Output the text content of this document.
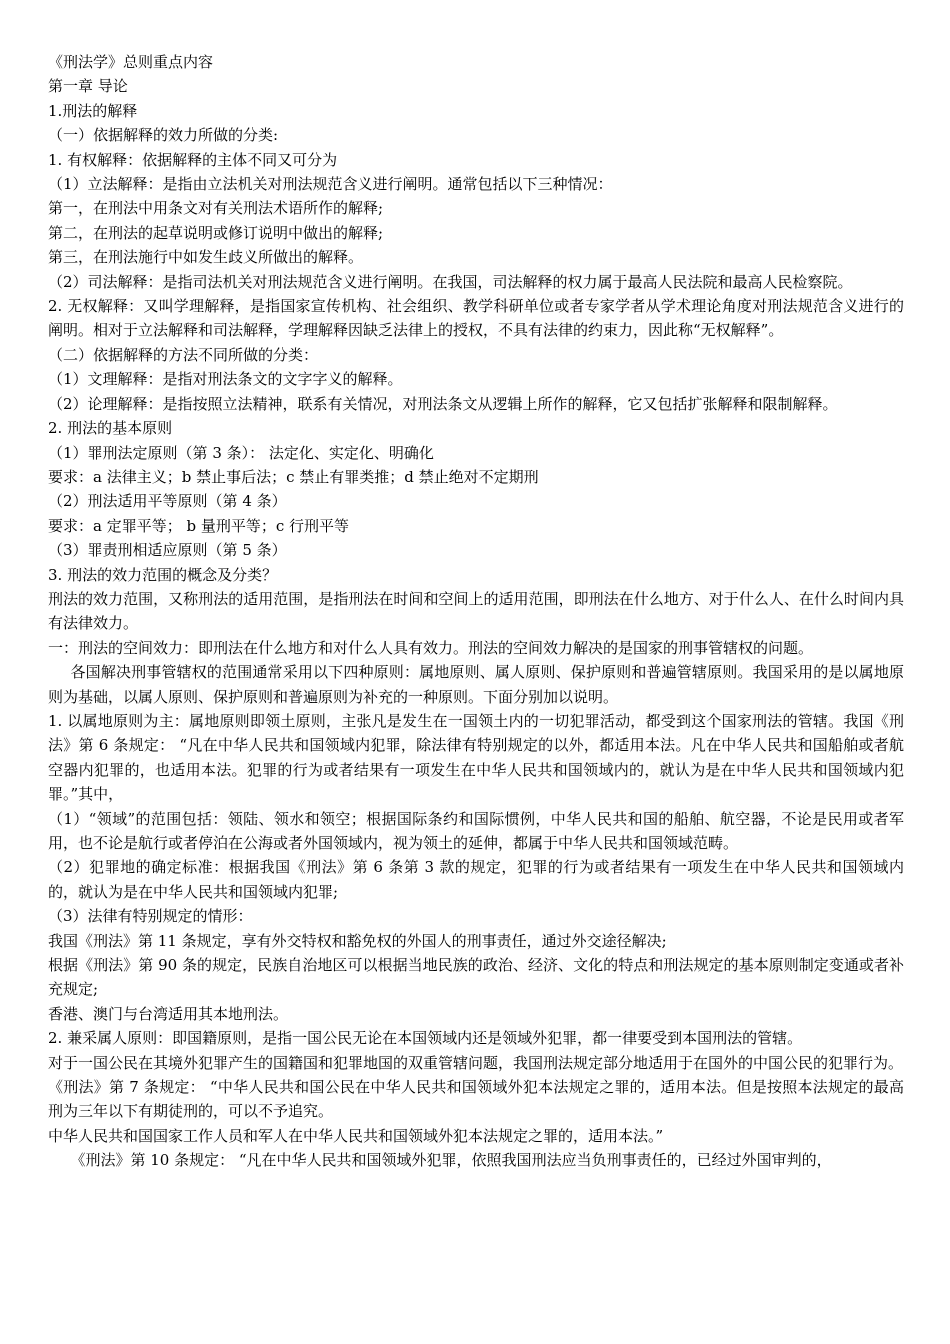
《刑法学》总则重点内容

第一章 导论

1.刑法的解释

（一）依据解释的效力所做的分类:

1. 有权解释：依据解释的主体不同又可分为

（1）立法解释：是指由立法机关对刑法规范含义进行阐明。通常包括以下三种情况：

第一，在刑法中用条文对有关刑法术语所作的解释;

第二，在刑法的起草说明或修订说明中做出的解释;

第三，在刑法施行中如发生歧义所做出的解释。

（2）司法解释：是指司法机关对刑法规范含义进行阐明。在我国，司法解释的权力属于最高人民法院和最高人民检察院。

2. 无权解释：又叫学理解释，是指国家宣传机构、社会组织、教学科研单位或者专家学者从学术理论角度对刑法规范含义进行的阐明。相对于立法解释和司法解释，学理解释因缺乏法律上的授权，不具有法律的约束力，因此称“无权解释”。

（二）依据解释的方法不同所做的分类：

（1）文理解释：是指对刑法条文的文字字义的解释。

（2）论理解释：是指按照立法精神，联系有关情况，对刑法条文从逻辑上所作的解释，它又包括扩张解释和限制解释。

2. 刑法的基本原则

（1）罪刑法定原则（第 3 条）： 法定化、实定化、明确化

要求：a 法律主义；b 禁止事后法；c 禁止有罪类推；d 禁止绝对不定期刑

（2）刑法适用平等原则（第 4 条）

要求：a 定罪平等； b 量刑平等；c 行刑平等

（3）罪责刑相适应原则（第 5 条）

3. 刑法的效力范围的概念及分类？

刑法的效力范围，又称刑法的适用范围，是指刑法在时间和空间上的适用范围，即刑法在什么地方、对于什么人、在什么时间内具有法律效力。

一：刑法的空间效力：即刑法在什么地方和对什么人具有效力。刑法的空间效力解决的是国家的刑事管辖权的问题。

各国解决刑事管辖权的范围通常采用以下四种原则：属地原则、属人原则、保护原则和普遍管辖原则。我国采用的是以属地原则为基础，以属人原则、保护原则和普遍原则为补充的一种原则。下面分别加以说明。

1. 以属地原则为主：属地原则即领土原则，主张凡是发生在一国领土内的一切犯罪活动，都受到这个国家刑法的管辖。我国《刑法》第 6 条规定： “凡在中华人民共和国领域内犯罪，除法律有特别规定的以外，都适用本法。凡在中华人民共和国船舶或者航空器内犯罪的，也适用本法。犯罪的行为或者结果有一项发生在中华人民共和国领域内的，就认为是在中华人民共和国领域内犯罪。”其中，

（1）“领域”的范围包括：领陆、领水和领空；根据国际条约和国际惯例，中华人民共和国的船舶、航空器，不论是民用或者军用，也不论是航行或者停泊在公海或者外国领域内，视为领土的延伸，都属于中华人民共和国领域范畴。

（2）犯罪地的确定标准：根据我国《刑法》第 6 条第 3 款的规定，犯罪的行为或者结果有一项发生在中华人民共和国领域内的，就认为是在中华人民共和国领域内犯罪;

（3）法律有特别规定的情形：

我国《刑法》第 11 条规定，享有外交特权和豁免权的外国人的刑事责任，通过外交途径解决;

根据《刑法》第 90 条的规定，民族自治地区可以根据当地民族的政治、经济、文化的特点和刑法规定的基本原则制定变通或者补充规定;

香港、澳门与台湾适用其本地刑法。

2. 兼采属人原则：即国籍原则，是指一国公民无论在本国领域内还是领域外犯罪，都一律要受到本国刑法的管辖。

对于一国公民在其境外犯罪产生的国籍国和犯罪地国的双重管辖问题，我国刑法规定部分地适用于在国外的中国公民的犯罪行为。

《刑法》第 7 条规定： “中华人民共和国公民在中华人民共和国领域外犯本法规定之罪的，适用本法。但是按照本法规定的最高刑为三年以下有期徒刑的，可以不予追究。

中华人民共和国国家工作人员和军人在中华人民共和国领域外犯本法规定之罪的，适用本法。”

《刑法》第 10 条规定： “凡在中华人民共和国领域外犯罪，依照我国刑法应当负刑事责任的，已经过外国审判的，
